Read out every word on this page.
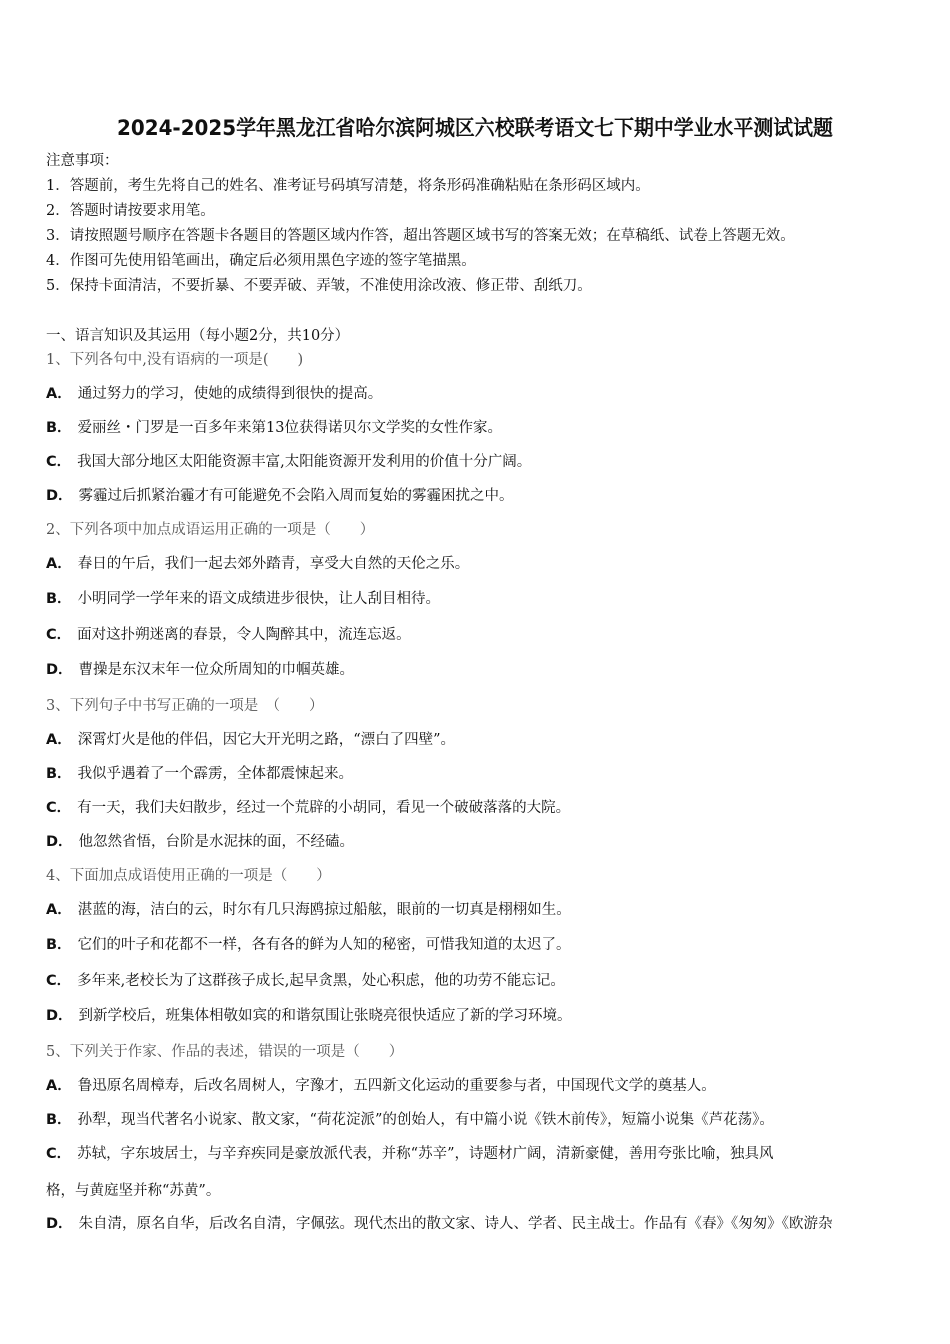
2024-2025学年黑龙江省哈尔滨阿城区六校联考语文七下期中学业水平测试试题
注意事项：
1．答题前，考生先将自己的姓名、准考证号码填写清楚，将条形码准确粘贴在条形码区域内。
2．答题时请按要求用笔。
3．请按照题号顺序在答题卡各题目的答题区域内作答，超出答题区域书写的答案无效；在草稿纸、试卷上答题无效。
4．作图可先使用铅笔画出，确定后必须用黑色字迹的签字笔描黑。
5．保持卡面清洁，不要折暴、不要弄破、弄皱，不准使用涂改液、修正带、刮纸刀。
一、语言知识及其运用（每小题2分，共10分）
1、下列各句中,没有语病的一项是(　　)
A． 通过努力的学习，使她的成绩得到很快的提高。
B． 爱丽丝・门罗是一百多年来第13位获得诺贝尔文学奖的女性作家。
C． 我国大部分地区太阳能资源丰富,太阳能资源开发利用的价值十分广阔。
D． 雾霾过后抓紧治霾才有可能避免不会陷入周而复始的雾霾困扰之中。
2、下列各项中加点成语运用正确的一项是（　　）
A． 春日的午后，我们一起去郊外踏青，享受大自然的天伦之乐。
B． 小明同学一学年来的语文成绩进步很快，让人刮目相待。
C． 面对这扑朔迷离的春景，令人陶醉其中，流连忘返。
D． 曹操是东汉末年一位众所周知的巾帼英雄。
3、下列句子中书写正确的一项是　（　　）
A． 深霄灯火是他的伴侣，因它大开光明之路，“漂白了四壁”。
B． 我似乎遇着了一个霹雳，全体都震悚起来。
C． 有一天，我们夫妇散步，经过一个荒辟的小胡同，看见一个破破落落的大院。
D． 他忽然省悟，台阶是水泥抹的面，不经磕。
4、下面加点成语使用正确的一项是（　　）
A． 湛蓝的海，洁白的云，时尔有几只海鸥掠过船舷，眼前的一切真是栩栩如生。
B． 它们的叶子和花都不一样，各有各的鲜为人知的秘密，可惜我知道的太迟了。
C． 多年来,老校长为了这群孩子成长,起早贪黑，处心积虑，他的功劳不能忘记。
D． 到新学校后，班集体相敬如宾的和谐氛围让张晓亮很快适应了新的学习环境。
5、下列关于作家、作品的表述，错误的一项是（　　）
A． 鲁迅原名周樟寿，后改名周树人，字豫才，五四新文化运动的重要参与者，中国现代文学的奠基人。
B． 孙犁，现当代著名小说家、散文家，“荷花淀派”的创始人，有中篇小说《铁木前传》，短篇小说集《芦花荡》。
C． 苏轼，字东坡居士，与辛弃疾同是豪放派代表，并称“苏辛”，诗题材广阔，清新豪健，善用夸张比喻，独具风
格，与黄庭坚并称“苏黄”。
D． 朱自清，原名自华，后改名自清，字佩弦。现代杰出的散文家、诗人、学者、民主战士。作品有《春》《匆匆》《欧游杂
